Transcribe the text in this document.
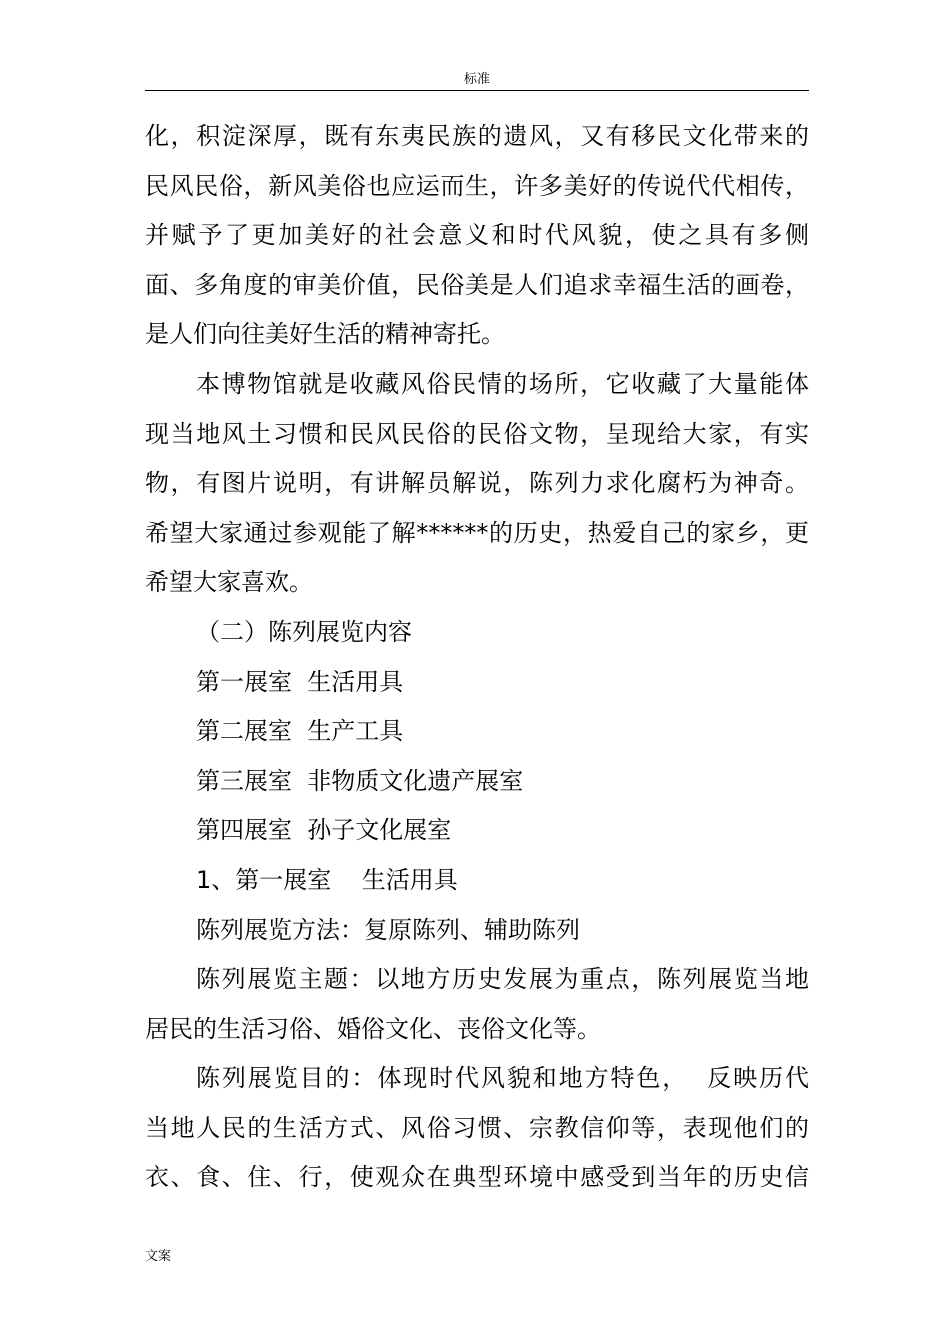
标准
化，积淀深厚，既有东夷民族的遗风，又有移民文化带来的
民风民俗，新风美俗也应运而生，许多美好的传说代代相传，
并赋予了更加美好的社会意义和时代风貌，使之具有多侧
面、多角度的审美价值，民俗美是人们追求幸福生活的画卷，
是人们向往美好生活的精神寄托。
本博物馆就是收藏风俗民情的场所，它收藏了大量能体
现当地风土习惯和民风民俗的民俗文物，呈现给大家，有实
物，有图片说明，有讲解员解说，陈列力求化腐朽为神奇。
希望大家通过参观能了解******的历史，热爱自己的家乡，更
希望大家喜欢。
（二）陈列展览内容
第一展室  生活用具
第二展室  生产工具
第三展室  非物质文化遗产展室
第四展室  孙子文化展室
1、第一展室    生活用具
陈列展览方法：复原陈列、辅助陈列
陈列展览主题：以地方历史发展为重点，陈列展览当地
居民的生活习俗、婚俗文化、丧俗文化等。
陈列展览目的：体现时代风貌和地方特色，  反映历代
当地人民的生活方式、风俗习惯、宗教信仰等，表现他们的
衣、食、住、行，使观众在典型环境中感受到当年的历史信
文案
